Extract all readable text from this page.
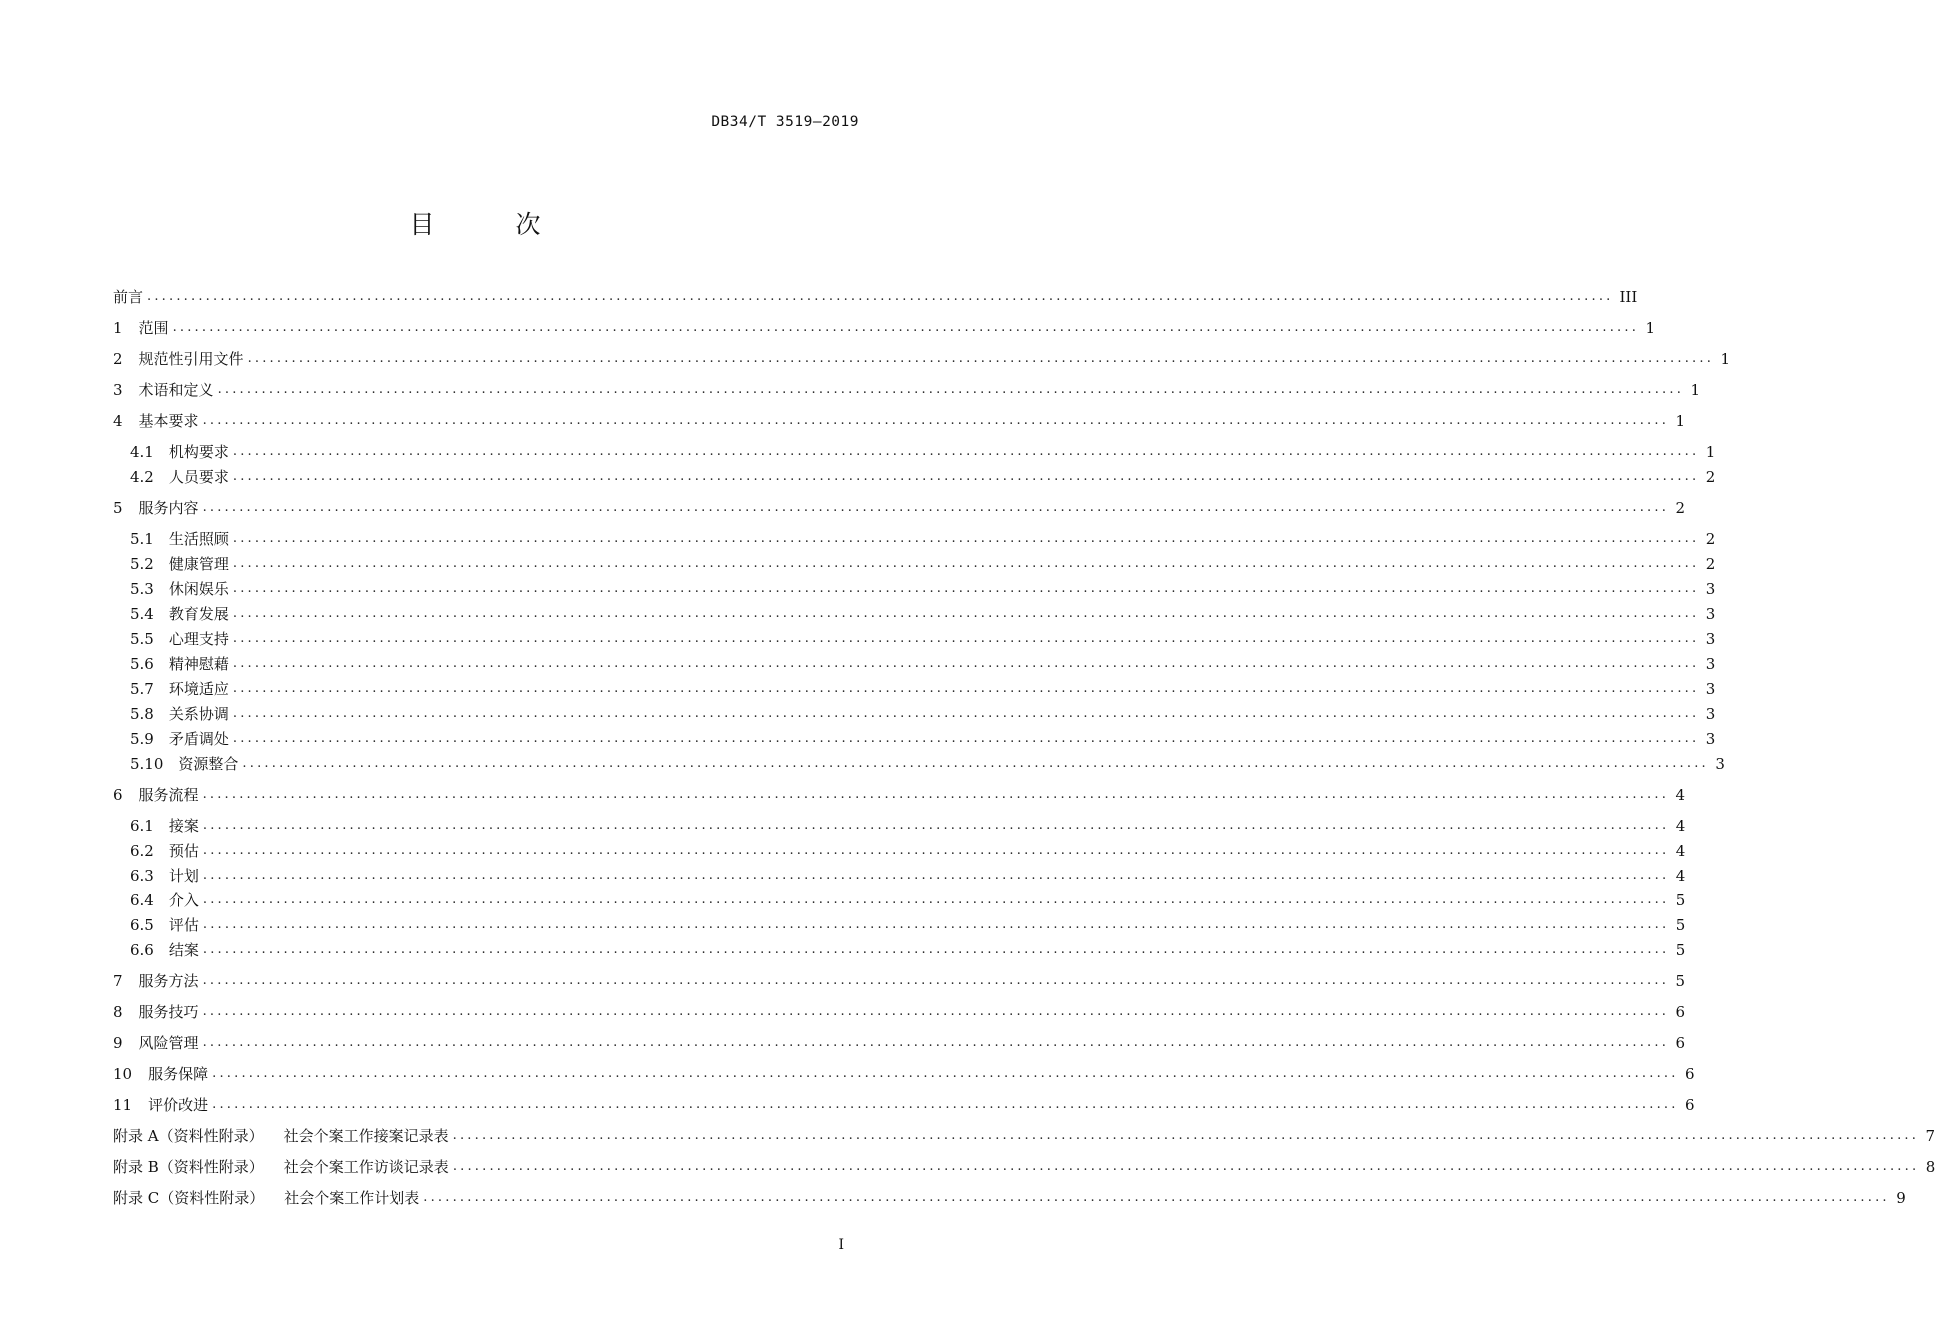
DB34/T 3519—2019
目　次
前言 ........................................................................................................................................................................................................ III
1 范围 ........................................................................................................................................................................................................ 1
2 规范性引用文件 ........................................................................................................................................................................................................ 1
3 术语和定义 ........................................................................................................................................................................................................ 1
4 基本要求 ........................................................................................................................................................................................................ 1
4.1 机构要求 ........................................................................................................................................................................................................ 1
4.2 人员要求 ........................................................................................................................................................................................................ 2
5 服务内容 ........................................................................................................................................................................................................ 2
5.1 生活照顾 ........................................................................................................................................................................................................ 2
5.2 健康管理 ........................................................................................................................................................................................................ 2
5.3 休闲娱乐 ........................................................................................................................................................................................................ 3
5.4 教育发展 ........................................................................................................................................................................................................ 3
5.5 心理支持 ........................................................................................................................................................................................................ 3
5.6 精神慰藉 ........................................................................................................................................................................................................ 3
5.7 环境适应 ........................................................................................................................................................................................................ 3
5.8 关系协调 ........................................................................................................................................................................................................ 3
5.9 矛盾调处 ........................................................................................................................................................................................................ 3
5.10 资源整合 ........................................................................................................................................................................................................ 3
6 服务流程 ........................................................................................................................................................................................................ 4
6.1 接案 ........................................................................................................................................................................................................ 4
6.2 预估 ........................................................................................................................................................................................................ 4
6.3 计划 ........................................................................................................................................................................................................ 4
6.4 介入 ........................................................................................................................................................................................................ 5
6.5 评估 ........................................................................................................................................................................................................ 5
6.6 结案 ........................................................................................................................................................................................................ 5
7 服务方法 ........................................................................................................................................................................................................ 5
8 服务技巧 ........................................................................................................................................................................................................ 6
9 风险管理 ........................................................................................................................................................................................................ 6
10 服务保障 ........................................................................................................................................................................................................ 6
11 评价改进 ........................................................................................................................................................................................................ 6
附录 A（资料性附录） 社会个案工作接案记录表 ........................................................................................................................................................................................................ 7
附录 B（资料性附录） 社会个案工作访谈记录表 ........................................................................................................................................................................................................ 8
附录 C（资料性附录） 社会个案工作计划表 ........................................................................................................................................................................................................ 9
I
